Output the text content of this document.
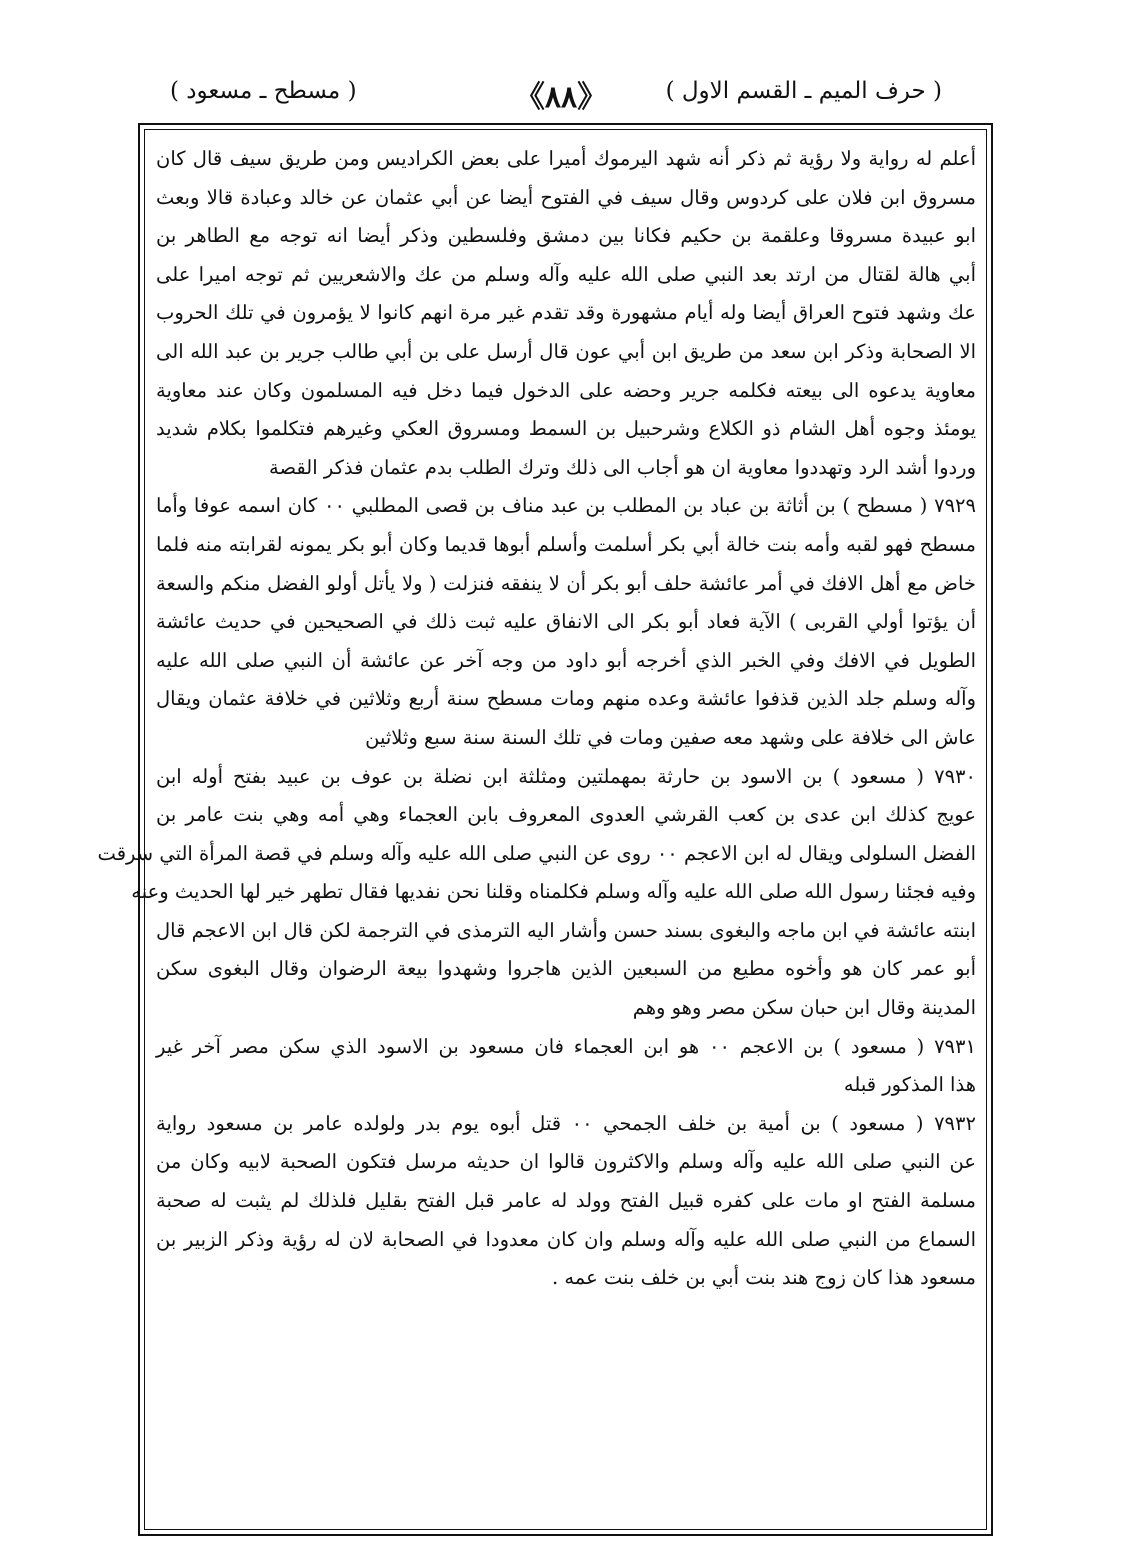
( حرف الميم ـ القسم الاول )
《٨٨》
( مسطح ـ مسعود )
أعلم له رواية ولا رؤية ثم ذكر أنه شهد اليرموك أميرا على بعض الكراديس ومن طريق سيف قال كان
مسروق ابن فلان على كردوس وقال سيف في الفتوح أيضا عن أبي عثمان عن خالد وعبادة قالا وبعث
ابو عبيدة مسروقا وعلقمة بن حكيم فكانا بين دمشق وفلسطين وذكر أيضا انه توجه مع الطاهر بن
أبي هالة لقتال من ارتد بعد النبي صلى الله عليه وآله وسلم من عك والاشعريين ثم توجه اميرا على
عك وشهد فتوح العراق أيضا وله أيام مشهورة وقد تقدم غير مرة انهم كانوا لا يؤمرون في تلك الحروب
الا الصحابة وذكر ابن سعد من طريق ابن أبي عون قال أرسل على بن أبي طالب جرير بن عبد الله الى
معاوية يدعوه الى بيعته فكلمه جرير وحضه على الدخول فيما دخل فيه المسلمون وكان عند معاوية
يومئذ وجوه أهل الشام ذو الكلاع وشرحبيل بن السمط ومسروق العكي وغيرهم فتكلموا بكلام شديد
وردوا أشد الرد وتهددوا معاوية ان هو أجاب الى ذلك وترك الطلب بدم عثمان فذكر القصة
٧٩٢٩ ( مسطح ) بن أثاثة بن عباد بن المطلب بن عبد مناف بن قصى المطلبي ٠٠ كان اسمه عوفا وأما
مسطح فهو لقبه وأمه بنت خالة أبي بكر أسلمت وأسلم أبوها قديما وكان أبو بكر يمونه لقرابته منه فلما
خاض مع أهل الافك في أمر عائشة حلف أبو بكر أن لا ينفقه فنزلت ( ولا يأتل أولو الفضل منكم والسعة
أن يؤتوا أولي القربى ) الآية فعاد أبو بكر الى الانفاق عليه ثبت ذلك في الصحيحين في حديث عائشة
الطويل في الافك وفي الخبر الذي أخرجه أبو داود من وجه آخر عن عائشة أن النبي صلى الله عليه
وآله وسلم جلد الذين قذفوا عائشة وعده منهم ومات مسطح سنة أربع وثلاثين في خلافة عثمان ويقال
عاش الى خلافة على وشهد معه صفين ومات في تلك السنة سنة سبع وثلاثين
٧٩٣٠ ( مسعود ) بن الاسود بن حارثة بمهملتين ومثلثة ابن نضلة بن عوف بن عبيد بفتح أوله ابن
عويج كذلك ابن عدى بن كعب القرشي العدوى المعروف بابن العجماء وهي أمه وهي بنت عامر بن
الفضل السلولى ويقال له ابن الاعجم ٠٠ روى عن النبي صلى الله عليه وآله وسلم في قصة المرأة التي سرقت
وفيه فجئنا رسول الله صلى الله عليه وآله وسلم فكلمناه وقلنا نحن نفديها فقال تطهر خير لها الحديث وعنه
ابنته عائشة في ابن ماجه والبغوى بسند حسن وأشار اليه الترمذى في الترجمة لكن قال ابن الاعجم قال
أبو عمر كان هو وأخوه مطيع من السبعين الذين هاجروا وشهدوا بيعة الرضوان وقال البغوى سكن
المدينة وقال ابن حبان سكن مصر وهو وهم
٧٩٣١ ( مسعود ) بن الاعجم ٠٠ هو ابن العجماء فان مسعود بن الاسود الذي سكن مصر آخر غير
هذا المذكور قبله
٧٩٣٢ ( مسعود ) بن أمية بن خلف الجمحي ٠٠ قتل أبوه يوم بدر ولولده عامر بن مسعود رواية
عن النبي صلى الله عليه وآله وسلم والاكثرون قالوا ان حديثه مرسل فتكون الصحبة لابيه وكان من
مسلمة الفتح او مات على كفره قبيل الفتح وولد له عامر قبل الفتح بقليل فلذلك لم يثبت له صحبة
السماع من النبي صلى الله عليه وآله وسلم وان كان معدودا في الصحابة لان له رؤية وذكر الزبير بن
مسعود هذا كان زوج هند بنت أبي بن خلف بنت عمه .
